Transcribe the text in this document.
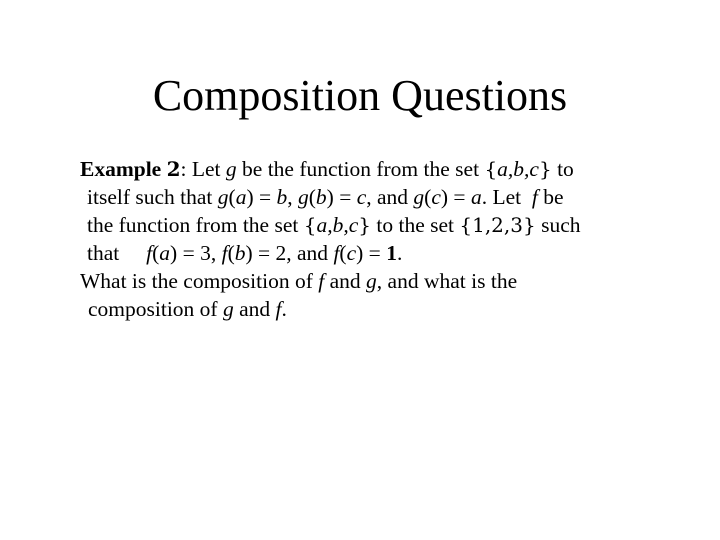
Composition Questions
Example 2: Let g be the function from the set {a,b,c} to
itself such that g(a) = b, g(b) = c, and g(c) = a. Let  f be
the function from the set {a,b,c} to the set {1,2,3} such
that     f(a) = 3, f(b) = 2, and f(c) = 1.
What is the composition of f and g, and what is the
composition of g and f.
